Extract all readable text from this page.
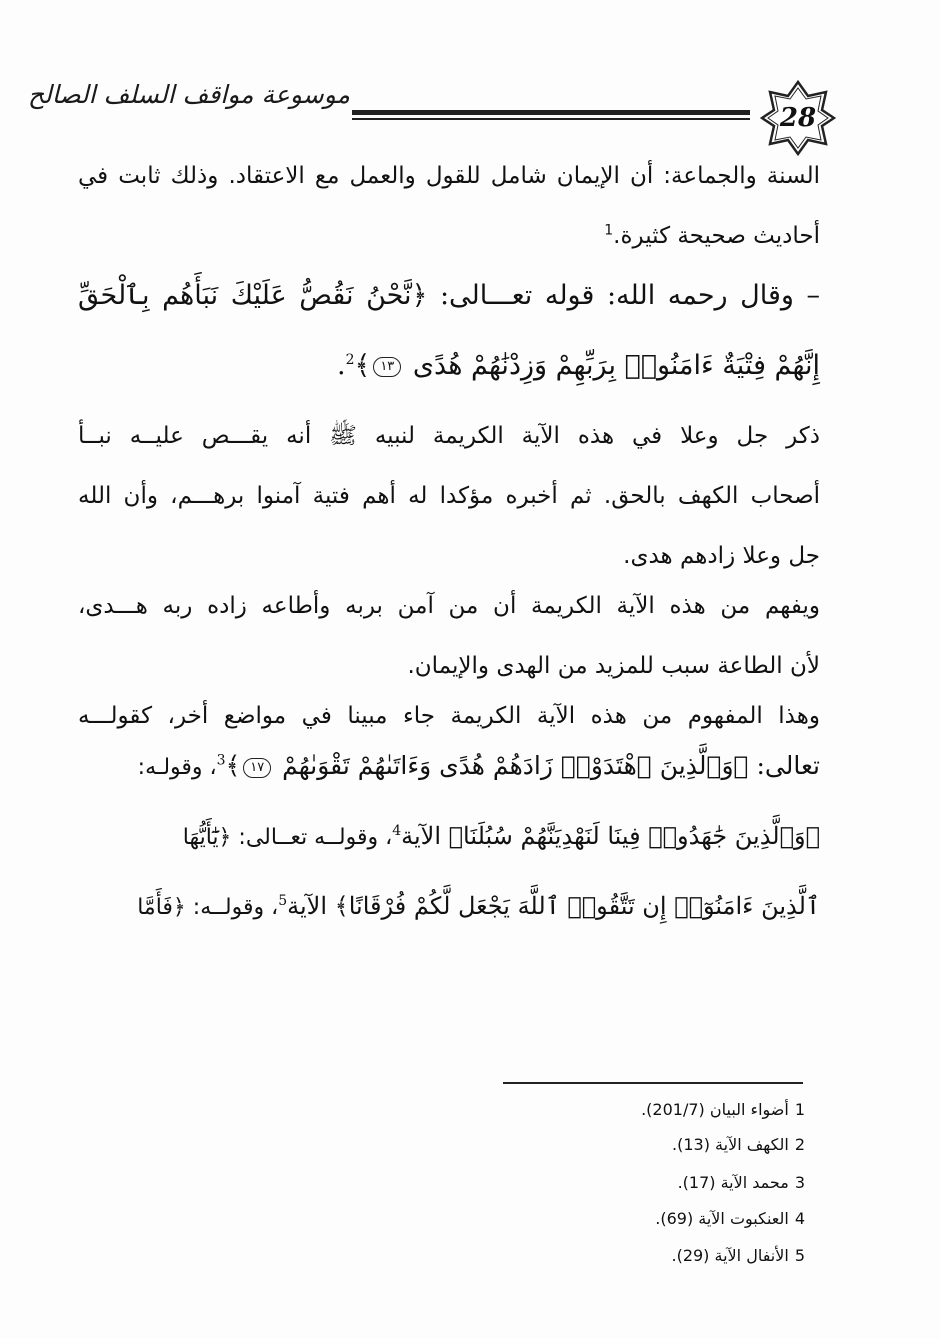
موسوعة مواقف السلف الصالح
28
السنة والجماعة: أن الإيمان شامل للقول والعمل مع الاعتقاد. وذلك ثابت في
أحاديث صحيحة كثيرة.$^1$
– وقال رحمه الله: قوله تعـــالى: ﴿نَّحْنُ نَقُصُّ عَلَيْكَ نَبَأَهُم بِٱلْحَقِّ
إِنَّهُمْ فِتْيَةٌ ءَامَنُوا۟ بِرَبِّهِمْ وَزِدْنَٰهُمْ هُدًى ١٣﴾$^2$.
ذكر جل وعلا في هذه الآية الكريمة لنبيه ﷺ أنه يقـــص عليــه نبــأ
أصحاب الكهف بالحق. ثم أخبره مؤكدا له أهم فتية آمنوا برهـــم، وأن الله
جل وعلا زادهم هدى.
ويفهم من هذه الآية الكريمة أن من آمن بربه وأطاعه زاده ربه هـــدى،
لأن الطاعة سبب للمزيد من الهدى والإيمان.
وهذا المفهوم من هذه الآية الكريمة جاء مبينا في مواضع أخر، كقولـــه
تعالى: ﴿وَٱلَّذِينَ ٱهْتَدَوْا۟ زَادَهُمْ هُدًى وَءَاتَىٰهُمْ تَقْوَىٰهُمْ ١٧﴾$^3$، وقولـه:
﴿وَٱلَّذِينَ جَٰهَدُوا۟ فِينَا لَنَهْدِيَنَّهُمْ سُبُلَنَا﴾ الآية$^4$، وقولــه تعــالى: ﴿يَٰٓأَيُّهَا
ٱلَّذِينَ ءَامَنُوٓا۟ إِن تَتَّقُوا۟ ٱللَّهَ يَجْعَل لَّكُمْ فُرْقَانًا﴾ الآية$^5$، وقولــه: ﴿فَأَمَّا
1أضواء البيان (201/7).
2الكهف الآية (13).
3محمد الآية (17).
4العنكبوت الآية (69).
5الأنفال الآية (29).
